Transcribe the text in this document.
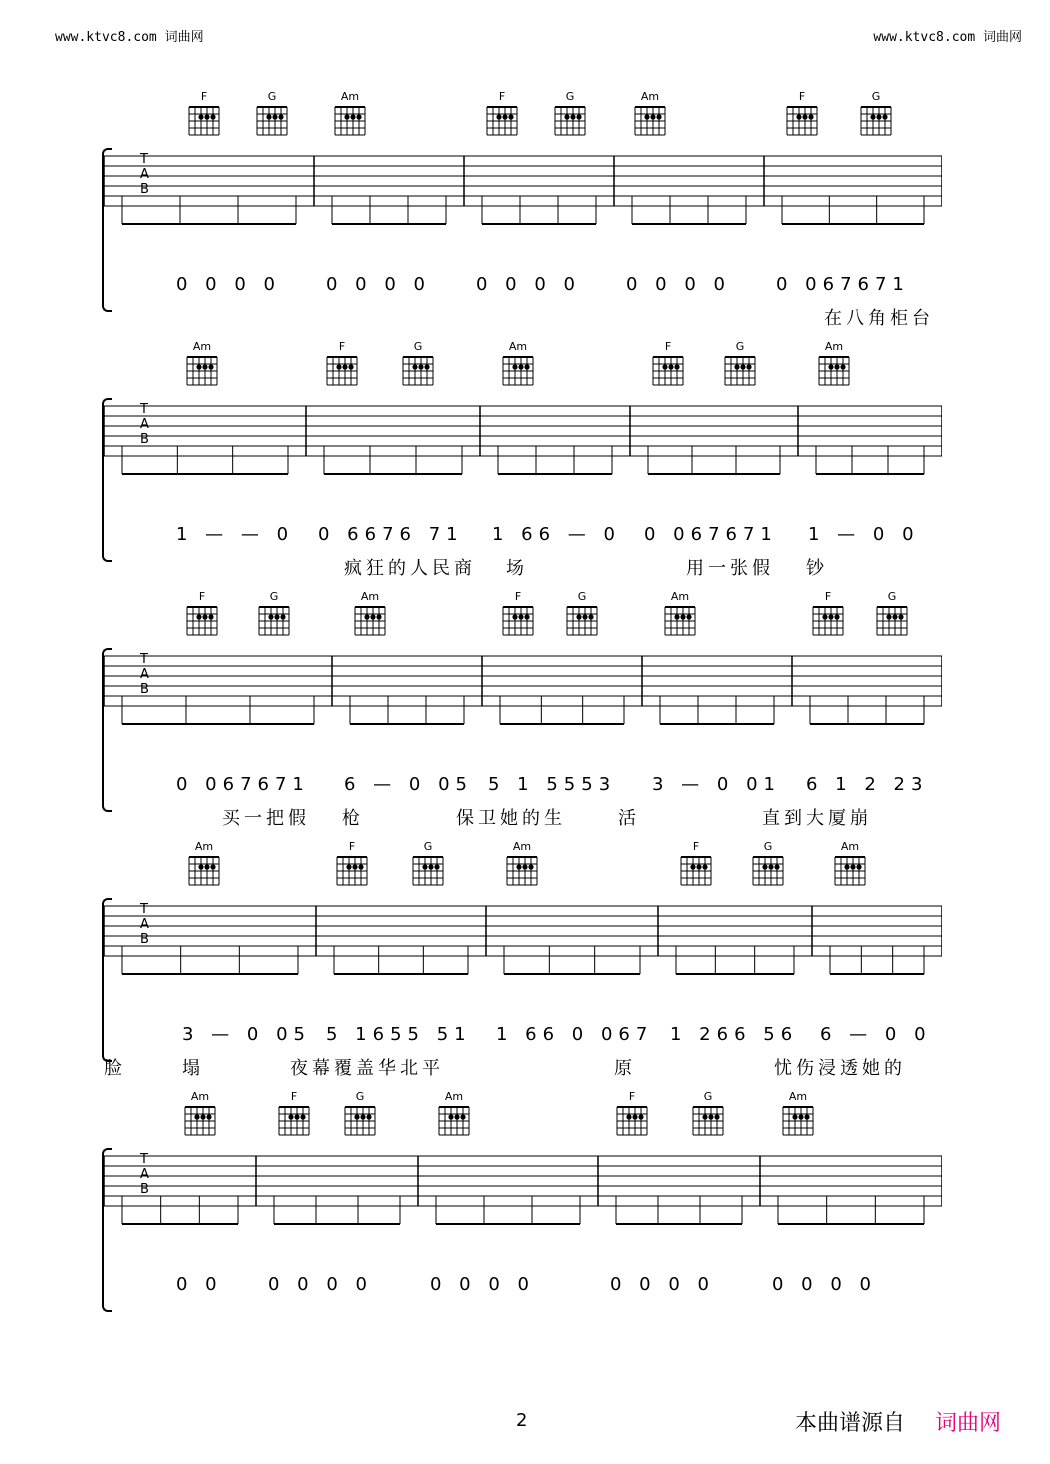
www.ktvc8.com 词曲网	www.ktvc8.com 词曲网
F	G	Am	F	G	Am	F	G
TAB
0 0 0 0	0 0 0 0	0 0 0 0	0 0 0 0	0 067671
在八角柜台
Am	F	G	Am	F	G	Am
TAB
1 — — 0 0 6676 71 1 66 — 0 0 067671 1 — 0 0
疯狂的人民商 场	用一张假 钞
F	G	Am	F	G	Am	F	G
TAB
0 067671 6 — 0 05 5 1 5553 3 — 0 01 6 1 2 23
买一把假 枪	保卫她的生	活	直到大厦崩
Am	F	G	Am	F	G	Am
TAB
3 — 0 05 5 1655 51 1 66 0 067 1 266 56 6 — 0 0
塌	夜幕覆盖华北平	原	忧伤浸透她的
脸
Am	F	G	Am	F	G	Am
TAB
0 0	0 0 0 0	0 0 0 0	0 0 0 0	0 0 0 0
2	本曲谱源自 词曲网
